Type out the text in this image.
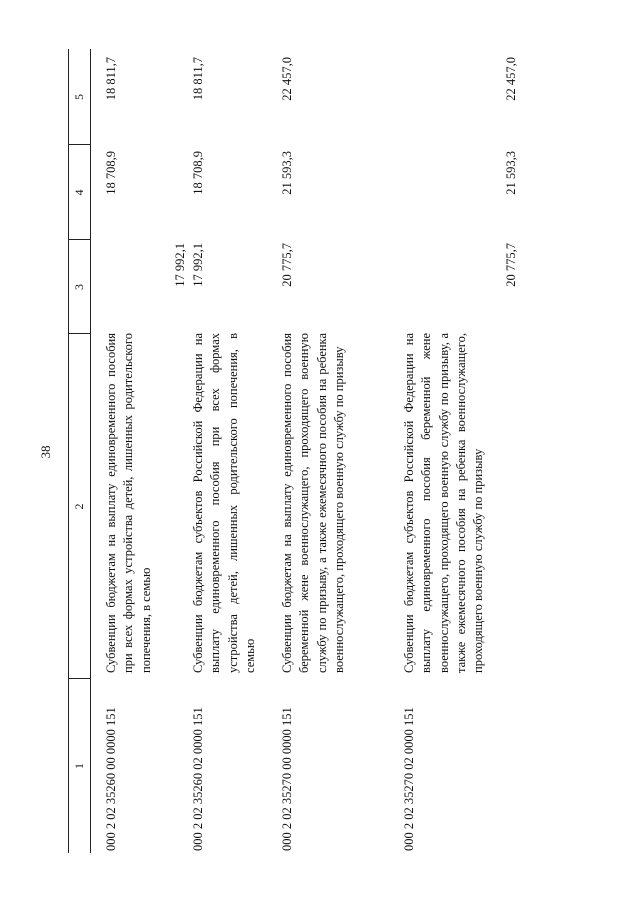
38
1
2
3
4
5
000 2 02 35260 00 0000 151
Субвенции бюджетам на выплату единовременного пособия при всех формах устройства детей, лишенных родительского попечения, в семью
17 992,1
18 708,9
18 811,7
000 2 02 35260 02 0000 151
Субвенции бюджетам субъектов Российской Федерации на выплату единовременного пособия при всех формах устройства детей, лишенных родительского попечения, в семью
17 992,1
18 708,9
18 811,7
000 2 02 35270 00 0000 151
Субвенции бюджетам на выплату единовременного пособия беременной жене военнослужащего, проходящего военную службу по призыву, а также ежемесячного пособия на ребенка военнослужащего, проходящего военную службу по призыву
20 775,7
21 593,3
22 457,0
000 2 02 35270 02 0000 151
Субвенции бюджетам субъектов Российской Федерации на выплату единовременного пособия беременной жене военнослужащего, проходящего военную службу по призыву, а также ежемесячного пособия на ребенка военнослужащего, проходящего военную службу по призыву
20 775,7
21 593,3
22 457,0
